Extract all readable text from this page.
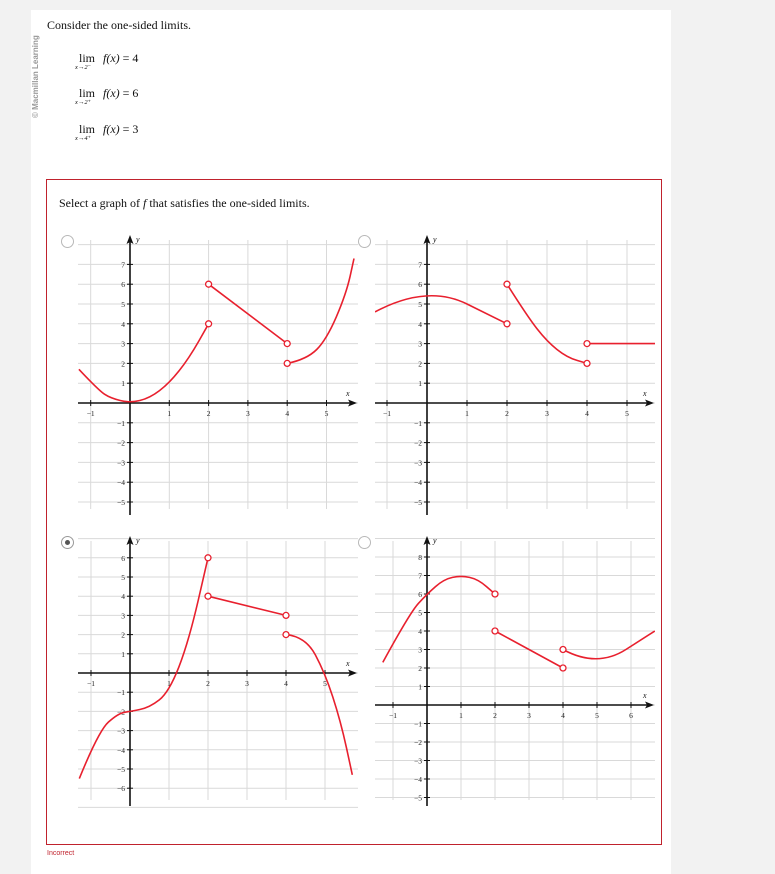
© Macmillan Learning
Consider the one-sided limits.
lim
x→2⁻
f(x) = 4
lim
x→2⁺
f(x) = 6
lim
x→4⁺
f(x) = 3
Select a graph of f that satisfies the one-sided limits.
x
y
−1	1	2	3	4	5
−5
−4
−3
−2
−1
1
2
3
4
5
6
7
x
y
−1	1	2	3	4	5
−5
−4
−3
−2
−1
1
2
3
4
5
6
7
x
y
−1	1	2	3	4	5
−6
−5
−4
−3
−2
−1
1
2
3
4
5
6
x
y
−1	1	2	3	4	5	6
−5
−4
−3
−2
−1
1
2
3
4
5
6
7
8
Incorrect
